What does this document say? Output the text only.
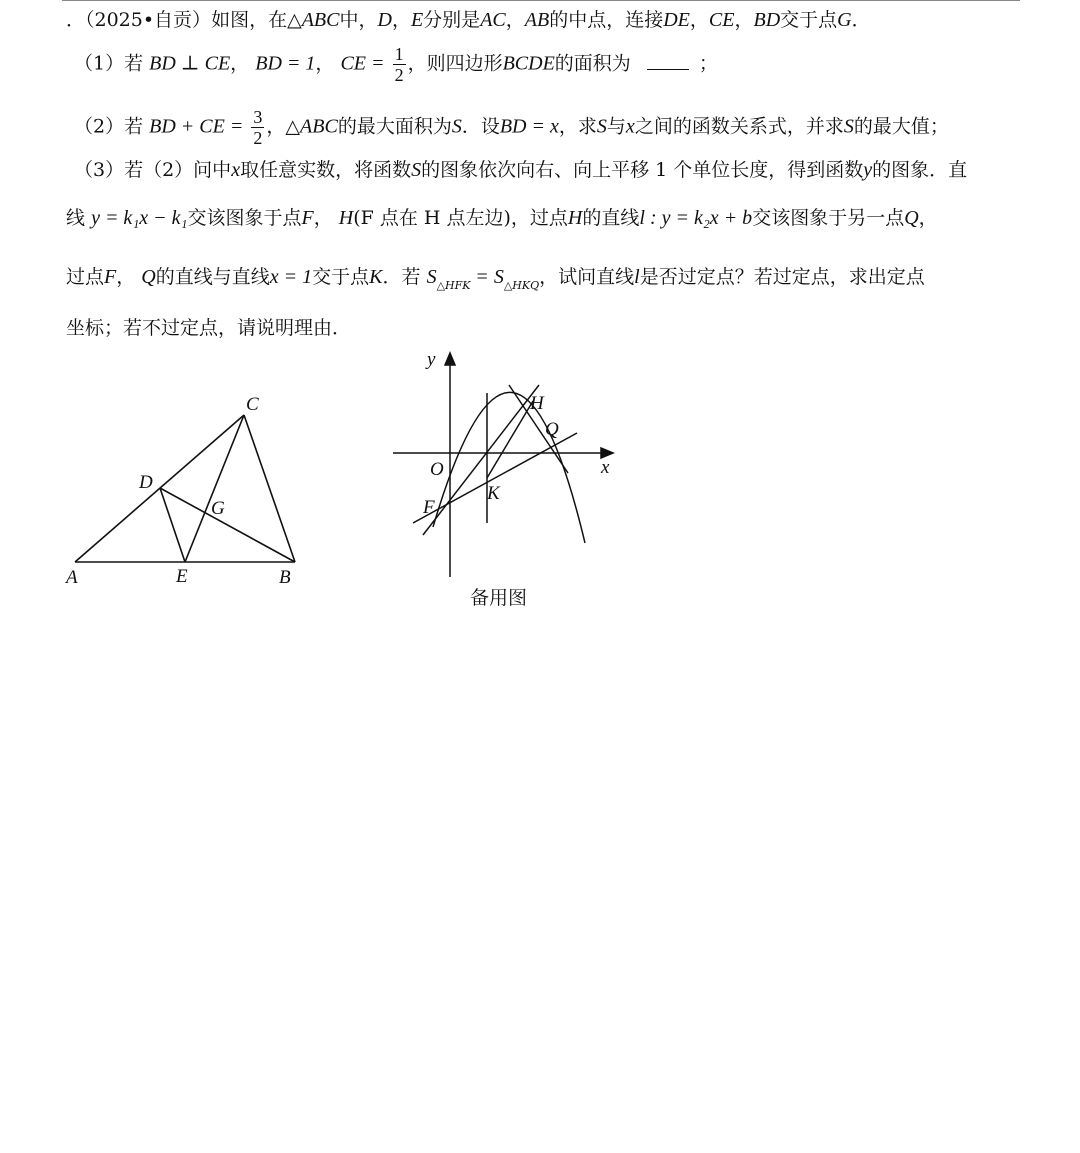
．（2025•自贡）如图，在△ABC中，D，E分别是AC，AB的中点，连接DE，CE，BD交于点G．
（1）若 BD ⊥ CE， BD = 1， CE = $\frac{1}{2}$ ，则四边形BCDE的面积为	；
（2）若 BD + CE = $\frac{3}{2}$ ，△ABC的最大面积为S．设BD = x，求S与x之间的函数关系式，并求S的最大值；
（3）若（2）问中x取任意实数，将函数S的图象依次向右、向上平移 1 个单位长度，得到函数y的图象．直
线 y = k₁x − k₁交该图象于点F， H(F 点在 H 点左边)，过点H的直线l : y = k₂x + b交该图象于另一点Q，
过点F， Q的直线与直线x = 1交于点K．若 $S_{\triangle HFK} = S_{\triangle HKQ}$，试问直线l是否过定点？若过定点，求出定点
坐标；若不过定点，请说明理由．
A	B
C
D
E
G
y
x
O
F
K
H
Q
备用图
